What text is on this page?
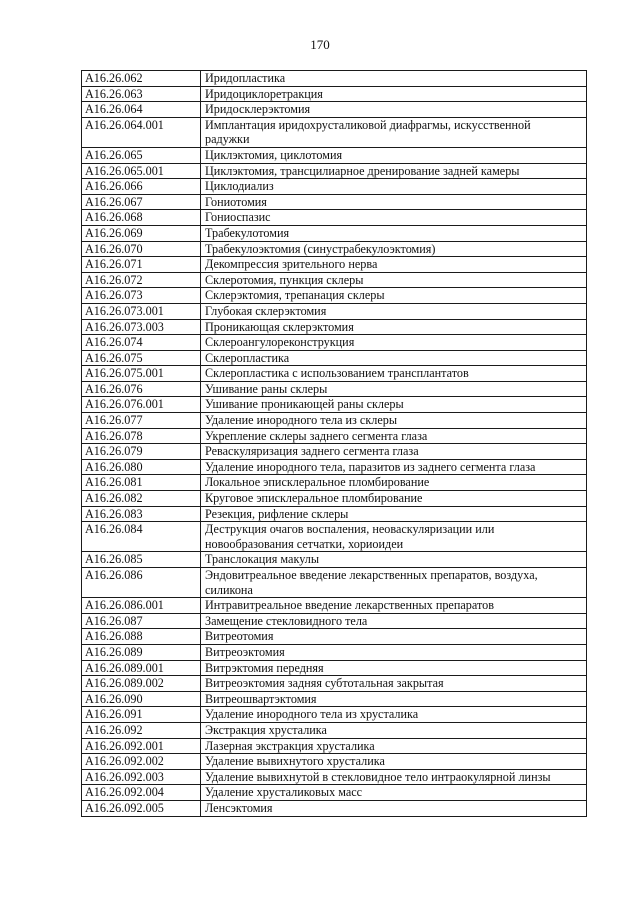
170
A16.26.062	Иридопластика
A16.26.063	Иридоциклоретракция
A16.26.064	Иридосклерэктомия
A16.26.064.001	Имплантация иридохрусталиковой диафрагмы, искусственной радужки
A16.26.065	Циклэктомия, циклотомия
A16.26.065.001	Циклэктомия, трансцилиарное дренирование задней камеры
A16.26.066	Циклодиализ
A16.26.067	Гониотомия
A16.26.068	Гониоспазис
A16.26.069	Трабекулотомия
A16.26.070	Трабекулоэктомия (синустрабекулоэктомия)
A16.26.071	Декомпрессия зрительного нерва
A16.26.072	Склеротомия, пункция склеры
A16.26.073	Склерэктомия, трепанация склеры
A16.26.073.001	Глубокая склерэктомия
A16.26.073.003	Проникающая склерэктомия
A16.26.074	Склероангулореконструкция
A16.26.075	Склеропластика
A16.26.075.001	Склеропластика с использованием трансплантатов
A16.26.076	Ушивание раны склеры
A16.26.076.001	Ушивание проникающей раны склеры
A16.26.077	Удаление инородного тела из склеры
A16.26.078	Укрепление склеры заднего сегмента глаза
A16.26.079	Реваскуляризация заднего сегмента глаза
A16.26.080	Удаление инородного тела, паразитов из заднего сегмента глаза
A16.26.081	Локальное эписклеральное пломбирование
A16.26.082	Круговое эписклеральное пломбирование
A16.26.083	Резекция, рифление склеры
A16.26.084	Деструкция очагов воспаления, неоваскуляризации или новообразования сетчатки, хориоидеи
A16.26.085	Транслокация макулы
A16.26.086	Эндовитреальное введение лекарственных препаратов, воздуха, силикона
A16.26.086.001	Интравитреальное введение лекарственных препаратов
A16.26.087	Замещение стекловидного тела
A16.26.088	Витреотомия
A16.26.089	Витреоэктомия
A16.26.089.001	Витрэктомия передняя
A16.26.089.002	Витреоэктомия задняя субтотальная закрытая
A16.26.090	Витреошвартэктомия
A16.26.091	Удаление инородного тела из хрусталика
A16.26.092	Экстракция хрусталика
A16.26.092.001	Лазерная экстракция хрусталика
A16.26.092.002	Удаление вывихнутого хрусталика
A16.26.092.003	Удаление вывихнутой в стекловидное тело интраокулярной линзы
A16.26.092.004	Удаление хрусталиковых масс
A16.26.092.005	Ленсэктомия
